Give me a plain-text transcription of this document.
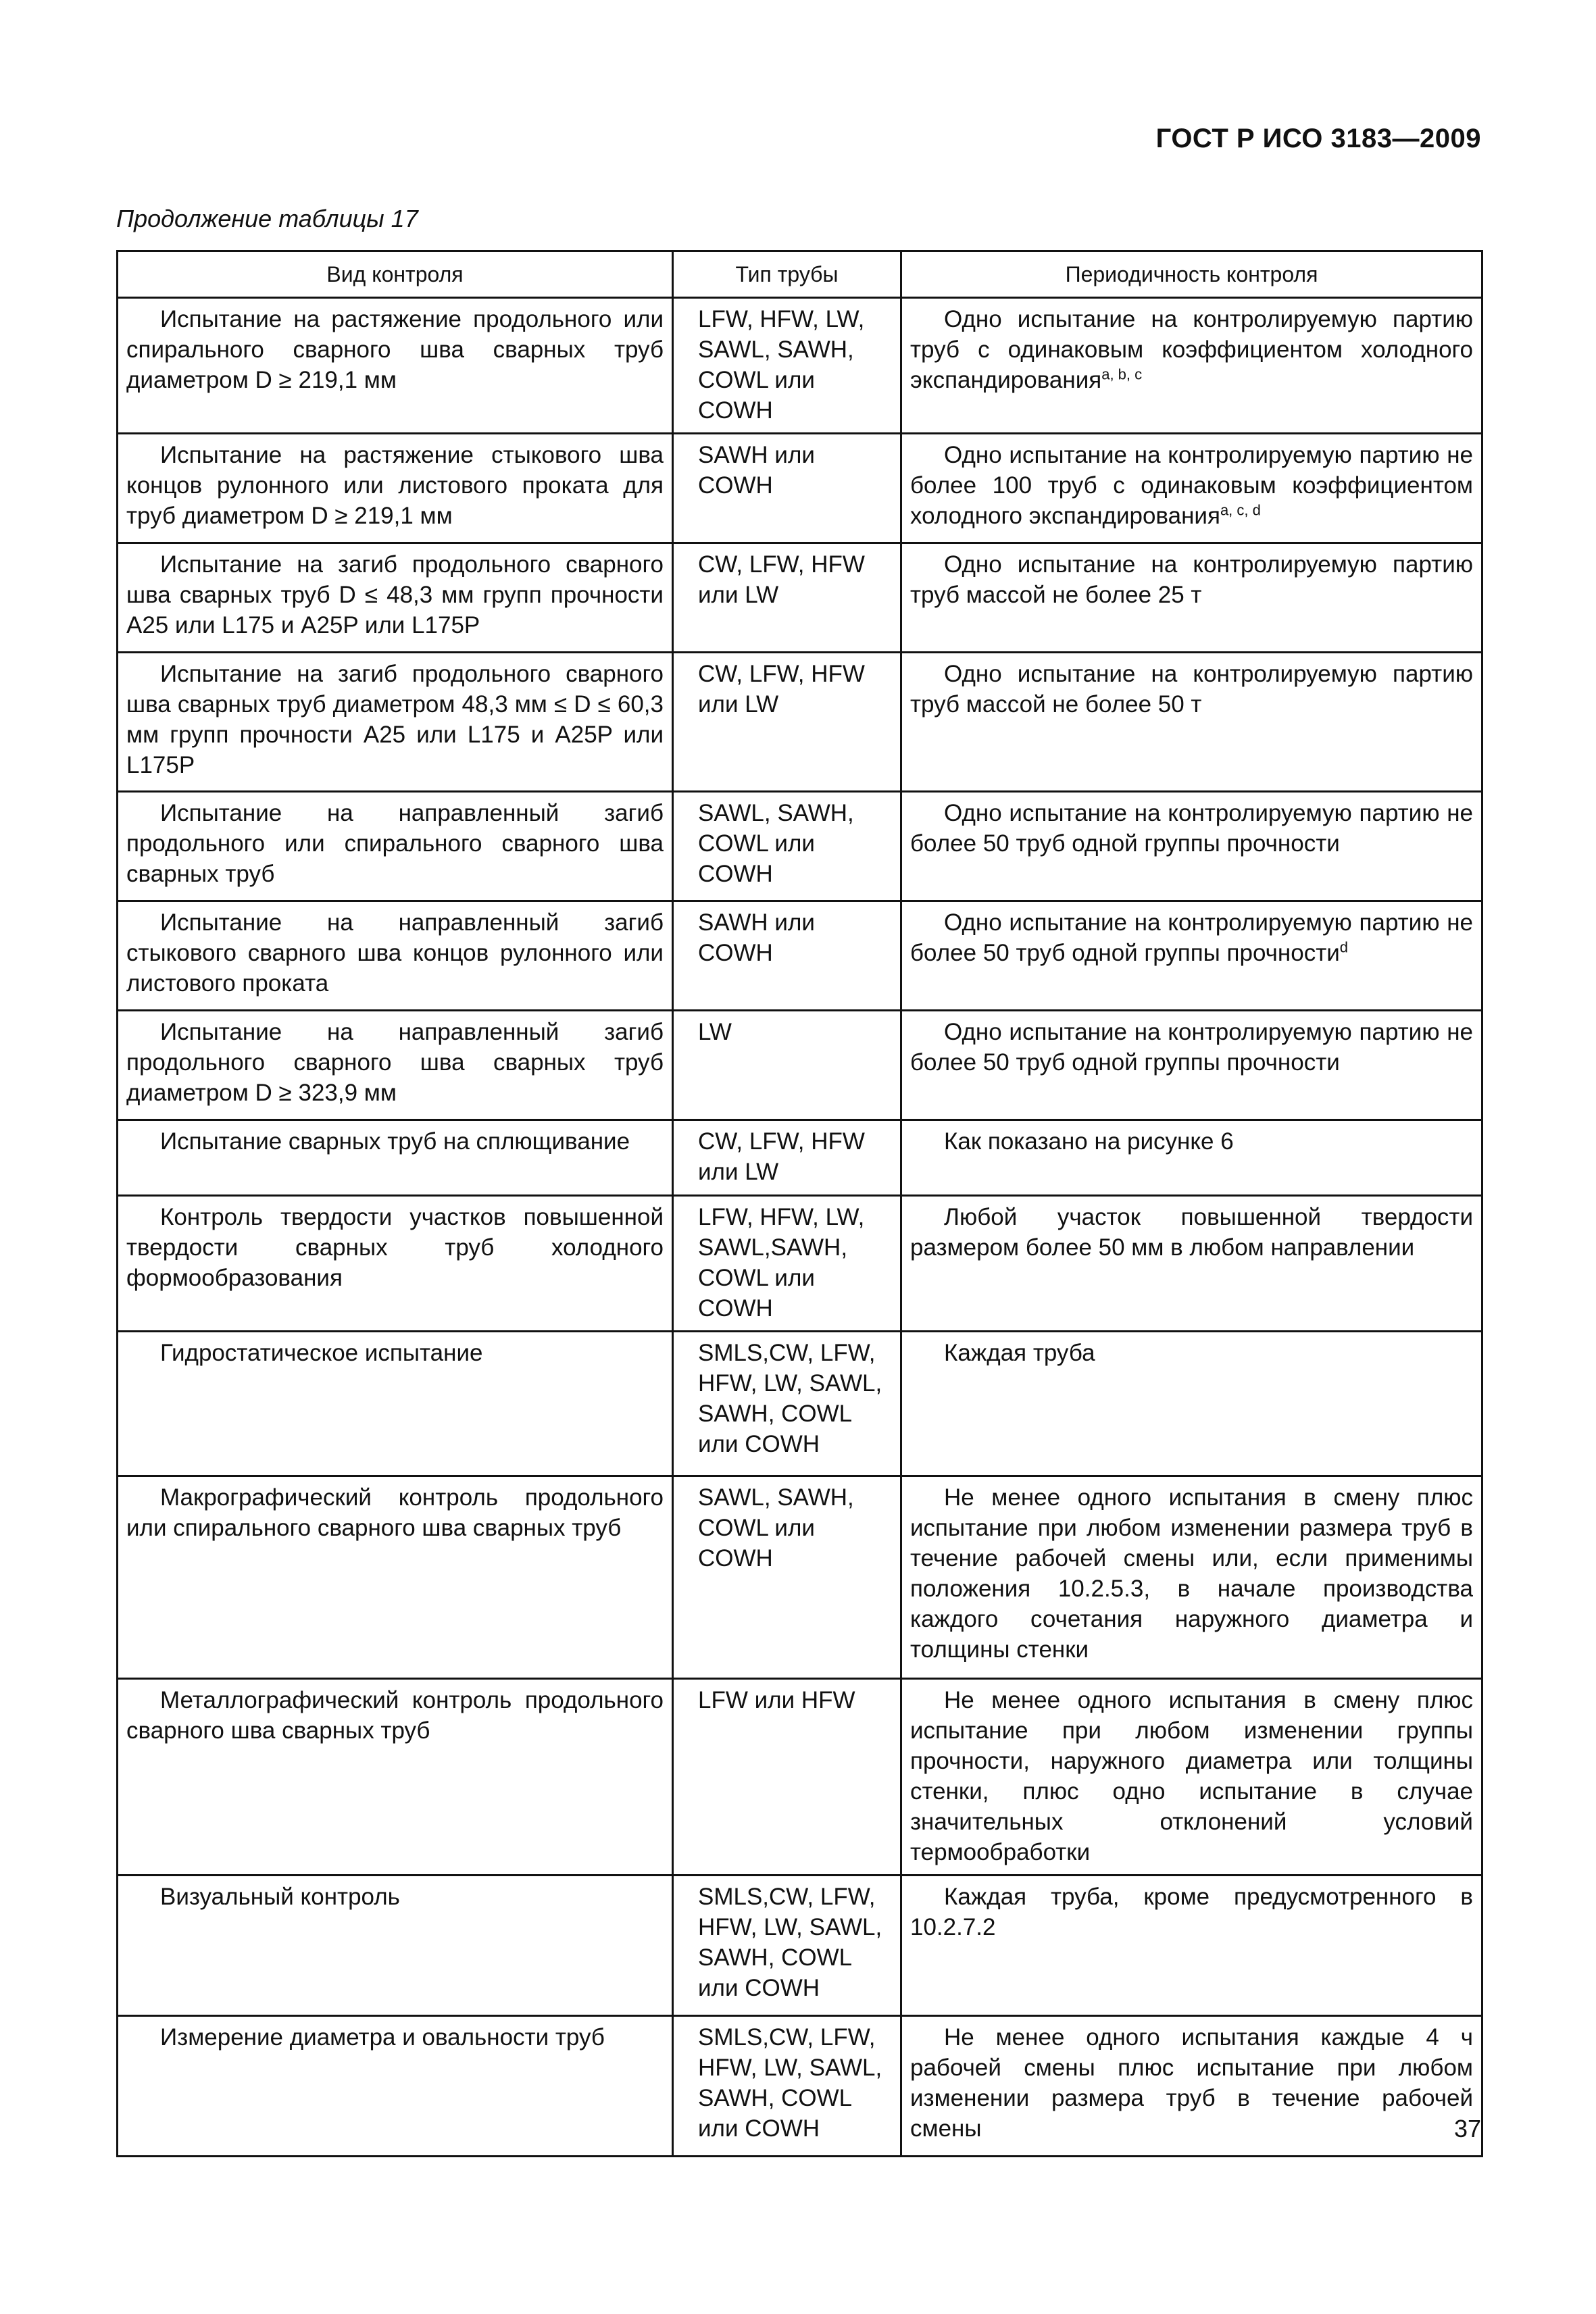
ГОСТ Р ИСО 3183—2009
Продолжение таблицы 17
Вид контроля	Тип трубы	Периодичность контроля
Испытание на растяжение продольного или спирального сварного шва сварных труб диаметром D ≥ 219,1 мм	LFW, HFW, LW, SAWL, SAWH, COWL или COWH	Одно испытание на контролируемую партию труб с одинаковым коэффициентом холодного экспандирования$^{a, b, c}$
Испытание на растяжение стыкового шва концов рулонного или листового проката для труб диаметром D ≥ 219,1 мм	SAWH или COWH	Одно испытание на контролируемую партию не более 100 труб с одинаковым коэффициентом холодного экспандирования$^{a, c, d}$
Испытание на загиб продольного сварного шва сварных труб D ≤ 48,3 мм групп прочности A25 или L175 и A25P или L175P	CW, LFW, HFW или LW	Одно испытание на контролируемую партию труб массой не более 25 т
Испытание на загиб продольного сварного шва сварных труб диаметром 48,3 мм ≤ D ≤ 60,3 мм групп прочности A25 или L175 и A25P или L175P	CW, LFW, HFW или LW	Одно испытание на контролируемую партию труб массой не более 50 т
Испытание на направленный загиб продольного или спирального сварного шва сварных труб	SAWL, SAWH, COWL или COWH	Одно испытание на контролируемую партию не более 50 труб одной группы прочности
Испытание на направленный загиб стыкового сварного шва концов рулонного или листового проката	SAWH или COWH	Одно испытание на контролируемую партию не более 50 труб одной группы прочности$^d$
Испытание на направленный загиб продольного сварного шва сварных труб диаметром D ≥ 323,9 мм	LW	Одно испытание на контролируемую партию не более 50 труб одной группы прочности
Испытание сварных труб на сплющивание	CW, LFW, HFW или LW	Как показано на рисунке 6
Контроль твердости участков повышенной твердости сварных труб холодного формообразования	LFW, HFW, LW, SAWL,SAWH, COWL или COWH	Любой участок повышенной твердости размером более 50 мм в любом направлении
Гидростатическое испытание	SMLS,CW, LFW, HFW, LW, SAWL, SAWH, COWL или COWH	Каждая труба
Макрографический контроль продольного или спирального сварного шва сварных труб	SAWL, SAWH, COWL или COWH	Не менее одного испытания в смену плюс испытание при любом изменении размера труб в течение рабочей смены или, если применимы положения 10.2.5.3, в начале производства каждого сочетания наружного диаметра и толщины стенки
Металлографический контроль продольного сварного шва сварных труб	LFW или HFW	Не менее одного испытания в смену плюс испытание при любом изменении группы прочности, наружного диаметра или толщины стенки, плюс одно испытание в случае значительных отклонений условий термообработки
Визуальный контроль	SMLS,CW, LFW, HFW, LW, SAWL, SAWH, COWL или COWH	Каждая труба, кроме предусмотренного в 10.2.7.2
Измерение диаметра и овальности труб	SMLS,CW, LFW, HFW, LW, SAWL, SAWH, COWL или COWH	Не менее одного испытания каждые 4 ч рабочей смены плюс испытание при любом изменении размера труб в течение рабочей смены	37
